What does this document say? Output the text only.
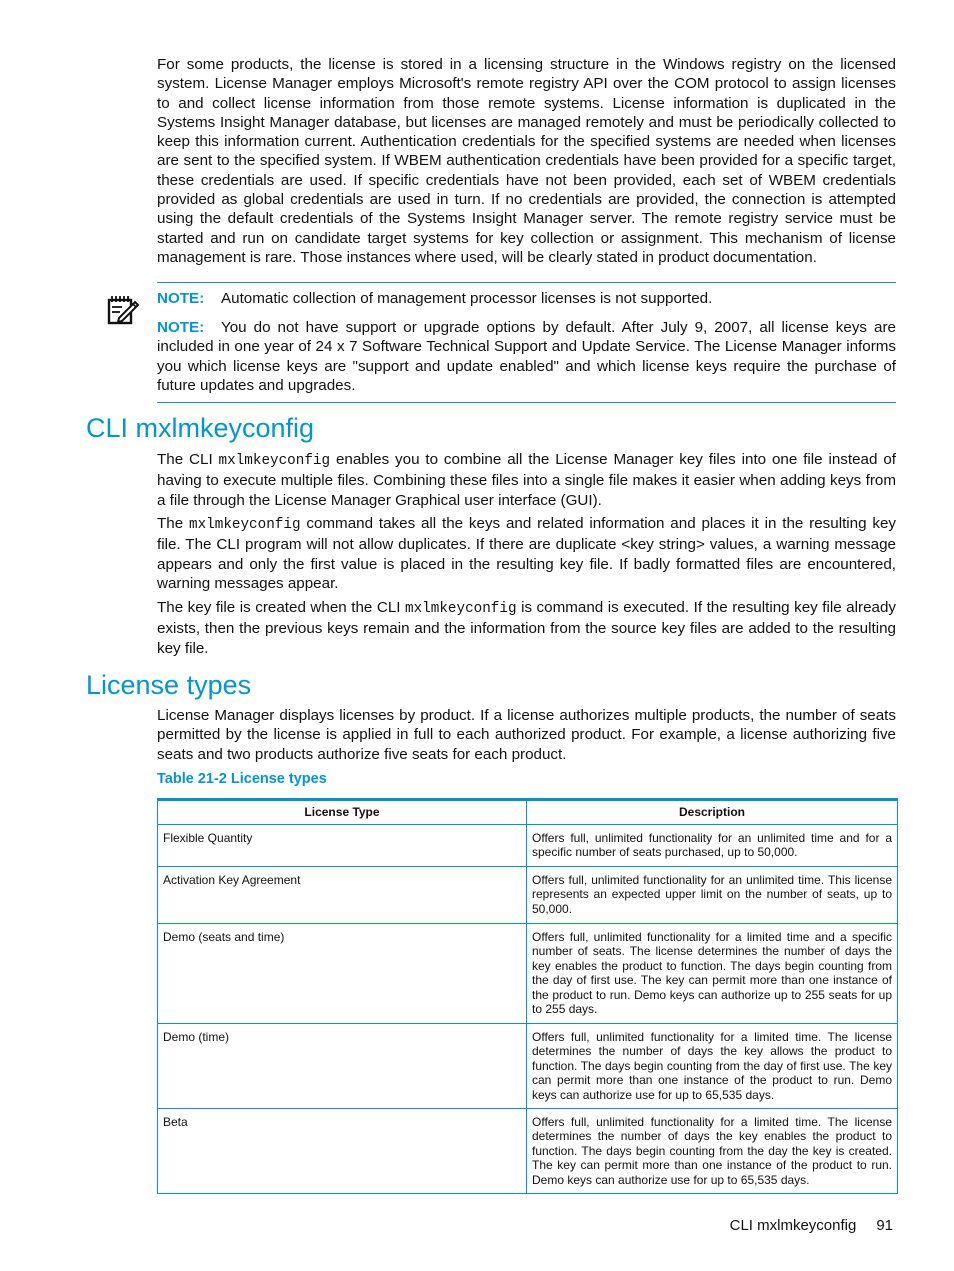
For some products, the license is stored in a licensing structure in the Windows registry on the licensed system. License Manager employs Microsoft's remote registry API over the COM protocol to assign licenses to and collect license information from those remote systems. License information is duplicated in the Systems Insight Manager database, but licenses are managed remotely and must be periodically collected to keep this information current. Authentication credentials for the specified systems are needed when licenses are sent to the specified system. If WBEM authentication credentials have been provided for a specific target, these credentials are used. If specific credentials have not been provided, each set of WBEM credentials provided as global credentials are used in turn. If no credentials are provided, the connection is attempted using the default credentials of the Systems Insight Manager server. The remote registry service must be started and run on candidate target systems for key collection or assignment. This mechanism of license management is rare. Those instances where used, will be clearly stated in product documentation.

NOTE: Automatic collection of management processor licenses is not supported.

NOTE: You do not have support or upgrade options by default. After July 9, 2007, all license keys are included in one year of 24 x 7 Software Technical Support and Update Service. The License Manager informs you which license keys are "support and update enabled" and which license keys require the purchase of future updates and upgrades.

CLI mxlmkeyconfig

The CLI mxlmkeyconfig enables you to combine all the License Manager key files into one file instead of having to execute multiple files. Combining these files into a single file makes it easier when adding keys from a file through the License Manager Graphical user interface (GUI).

The mxlmkeyconfig command takes all the keys and related information and places it in the resulting key file. The CLI program will not allow duplicates. If there are duplicate <key string> values, a warning message appears and only the first value is placed in the resulting key file. If badly formatted files are encountered, warning messages appear.

The key file is created when the CLI mxlmkeyconfig is command is executed. If the resulting key file already exists, then the previous keys remain and the information from the source key files are added to the resulting key file.

License types

License Manager displays licenses by product. If a license authorizes multiple products, the number of seats permitted by the license is applied in full to each authorized product. For example, a license authorizing five seats and two products authorize five seats for each product.

Table 21-2 License types

License Type	Description
Flexible Quantity	Offers full, unlimited functionality for an unlimited time and for a specific number of seats purchased, up to 50,000.
Activation Key Agreement	Offers full, unlimited functionality for an unlimited time. This license represents an expected upper limit on the number of seats, up to 50,000.
Demo (seats and time)	Offers full, unlimited functionality for a limited time and a specific number of seats. The license determines the number of days the key enables the product to function. The days begin counting from the day of first use. The key can permit more than one instance of the product to run. Demo keys can authorize up to 255 seats for up to 255 days.
Demo (time)	Offers full, unlimited functionality for a limited time. The license determines the number of days the key allows the product to function. The days begin counting from the day of first use. The key can permit more than one instance of the product to run. Demo keys can authorize use for up to 65,535 days.
Beta	Offers full, unlimited functionality for a limited time. The license determines the number of days the key enables the product to function. The days begin counting from the day the key is created. The key can permit more than one instance of the product to run. Demo keys can authorize use for up to 65,535 days.
CLI mxlmkeyconfig 91
